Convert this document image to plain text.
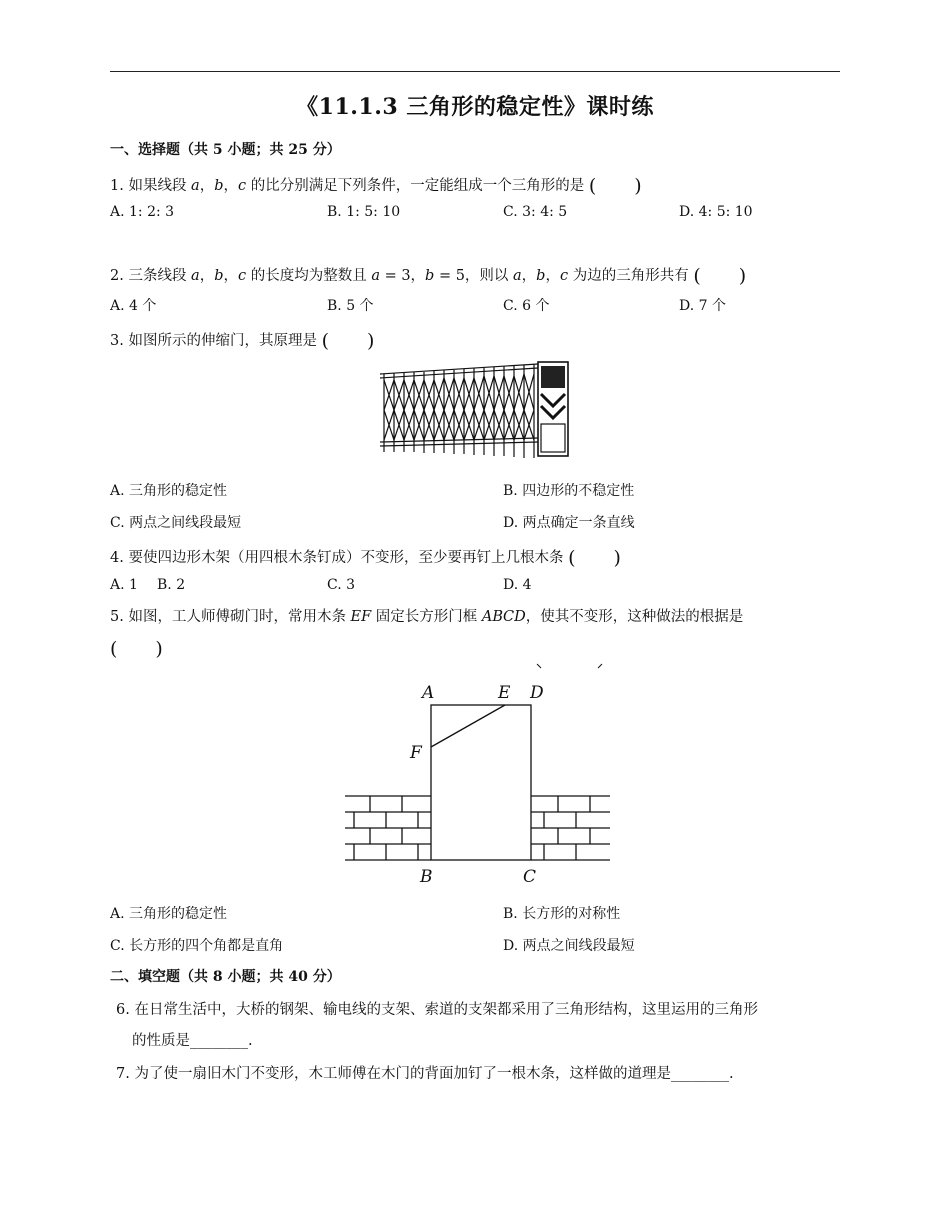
《11.1.3 三角形的稳定性》课时练
一、选择题（共 5 小题；共 25 分）
1. 如果线段 𝑎，𝑏，𝑐 的比分别满足下列条件，一定能组成一个三角形的是 (　　)
A. 1: 2: 3	B. 1: 5: 10	C. 3: 4: 5	D. 4: 5: 10
2. 三条线段 𝑎，𝑏，𝑐 的长度均为整数且 𝑎 = 3，𝑏 = 5，则以 𝑎，𝑏，𝑐 为边的三角形共有 (　　)
A. 4 个	B. 5 个	C. 6 个	D. 7 个
3. 如图所示的伸缩门，其原理是 (　　)
A. 三角形的稳定性	B. 四边形的不稳定性
C. 两点之间线段最短	D. 两点确定一条直线
4. 要使四边形木架（用四根木条钉成）不变形，至少要再钉上几根木条 (　　)
A. 1 B. 2	C. 3	D. 4
5. 如图，工人师傅砌门时，常用木条 𝐸𝐹 固定长方形门框 𝐴𝐵𝐶𝐷，使其不变形，这种做法的根据是
(　　)
A	E D
F
B	C
A. 三角形的稳定性	B. 长方形的对称性
C. 长方形的四个角都是直角	D. 两点之间线段最短
二、填空题（共 8 小题；共 40 分）
6. 在日常生活中，大桥的钢架、输电线的支架、索道的支架都采用了三角形结构，这里运用的三角形
的性质是________.
7. 为了使一扇旧木门不变形，木工师傅在木门的背面加钉了一根木条，这样做的道理是________.
